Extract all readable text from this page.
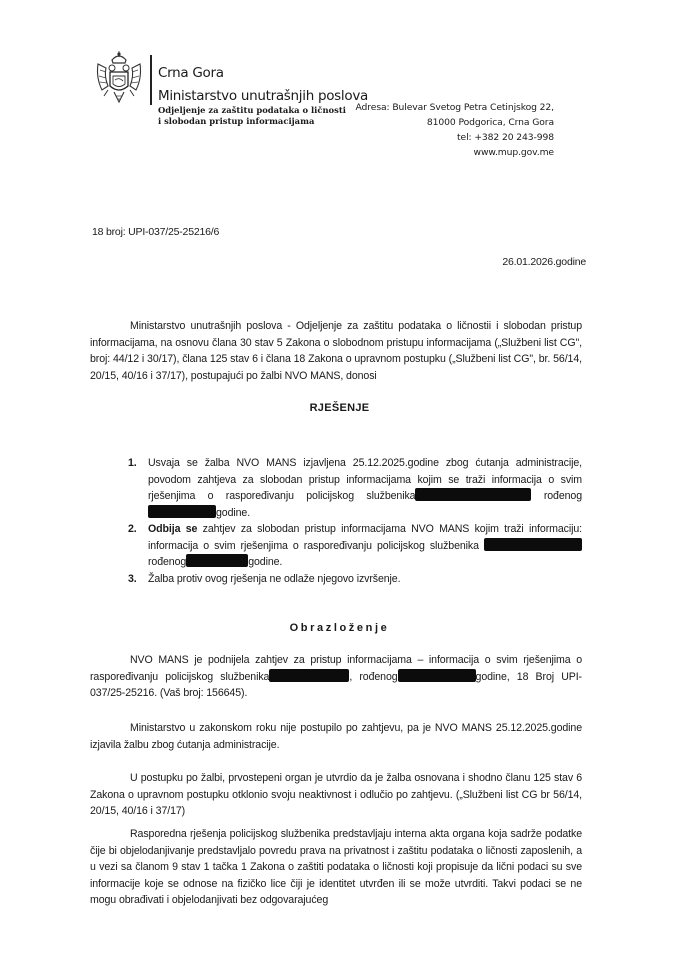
Crna Gora
Ministarstvo unutrašnjih poslova
Odjeljenje za zaštitu podataka o ličnosti
i slobodan pristup informacijama
Adresa: Bulevar Svetog Petra Cetinjskog 22,
81000 Podgorica, Crna Gora
tel: +382 20 243-998
www.mup.gov.me
18 broj: UPI-037/25-25216/6
26.01.2026.godine

Ministarstvo unutrašnjih poslova - Odjeljenje za zaštitu podataka o ličnostii i slobodan pristup informacijama, na osnovu člana 30 stav 5 Zakona o slobodnom pristupu informacijama („Službeni list CG", broj: 44/12 i 30/17), člana 125 stav 6 i člana 18 Zakona o upravnom postupku („Službeni list CG", br. 56/14, 20/15, 40/16 i 37/17), postupajući po žalbi NVO MANS, donosi

RJEŠENJE
1. Usvaja se žalba NVO MANS izjavljena 25.12.2025.godine zbog ćutanja administracije, povodom zahtjeva za slobodan pristup informacijama kojim se traži informacija o svim rješenjima o raspoređivanju policijskog službenika	rođenoggodine.
2. Odbija se zahtjev za slobodan pristup informacijama NVO MANS kojim traži informaciju: informacija o svim rješenjima o raspoređivanju policijskog službenika rođenog	godine.
3. Žalba protiv ovog rješenja ne odlaže njegovo izvršenje.
Obrazloženje

NVO MANS je podnijela zahtjev za pristup informacijama – informacija o svim rješenjima o raspoređivanju policijskog službenika	, rođenog	godine, 18 Broj UPI-037/25-25216. (Vaš broj: 156645).

Ministarstvo u zakonskom roku nije postupilo po zahtjevu, pa je NVO MANS 25.12.2025.godine izjavila žalbu zbog ćutanja administracije.

U postupku po žalbi, prvostepeni organ je utvrdio da je žalba osnovana i shodno članu 125 stav 6 Zakona o upravnom postupku otklonio svoju neaktivnost i odlučio po zahtjevu. („Službeni list CG br 56/14, 20/15, 40/16 i 37/17)

Rasporedna rješenja policijskog službenika predstavljaju interna akta organa koja sadrže podatke čije bi objelodanjivanje predstavljalo povredu prava na privatnost i zaštitu podataka o ličnosti zaposlenih, a u vezi sa članom 9 stav 1 tačka 1 Zakona o zaštiti podataka o ličnosti koji propisuje da lični podaci su sve informacije koje se odnose na fizičko lice čiji je identitet utvrđen ili se može utvrditi. Takvi podaci se ne mogu obrađivati i objelodanjivati bez odgovarajućeg
